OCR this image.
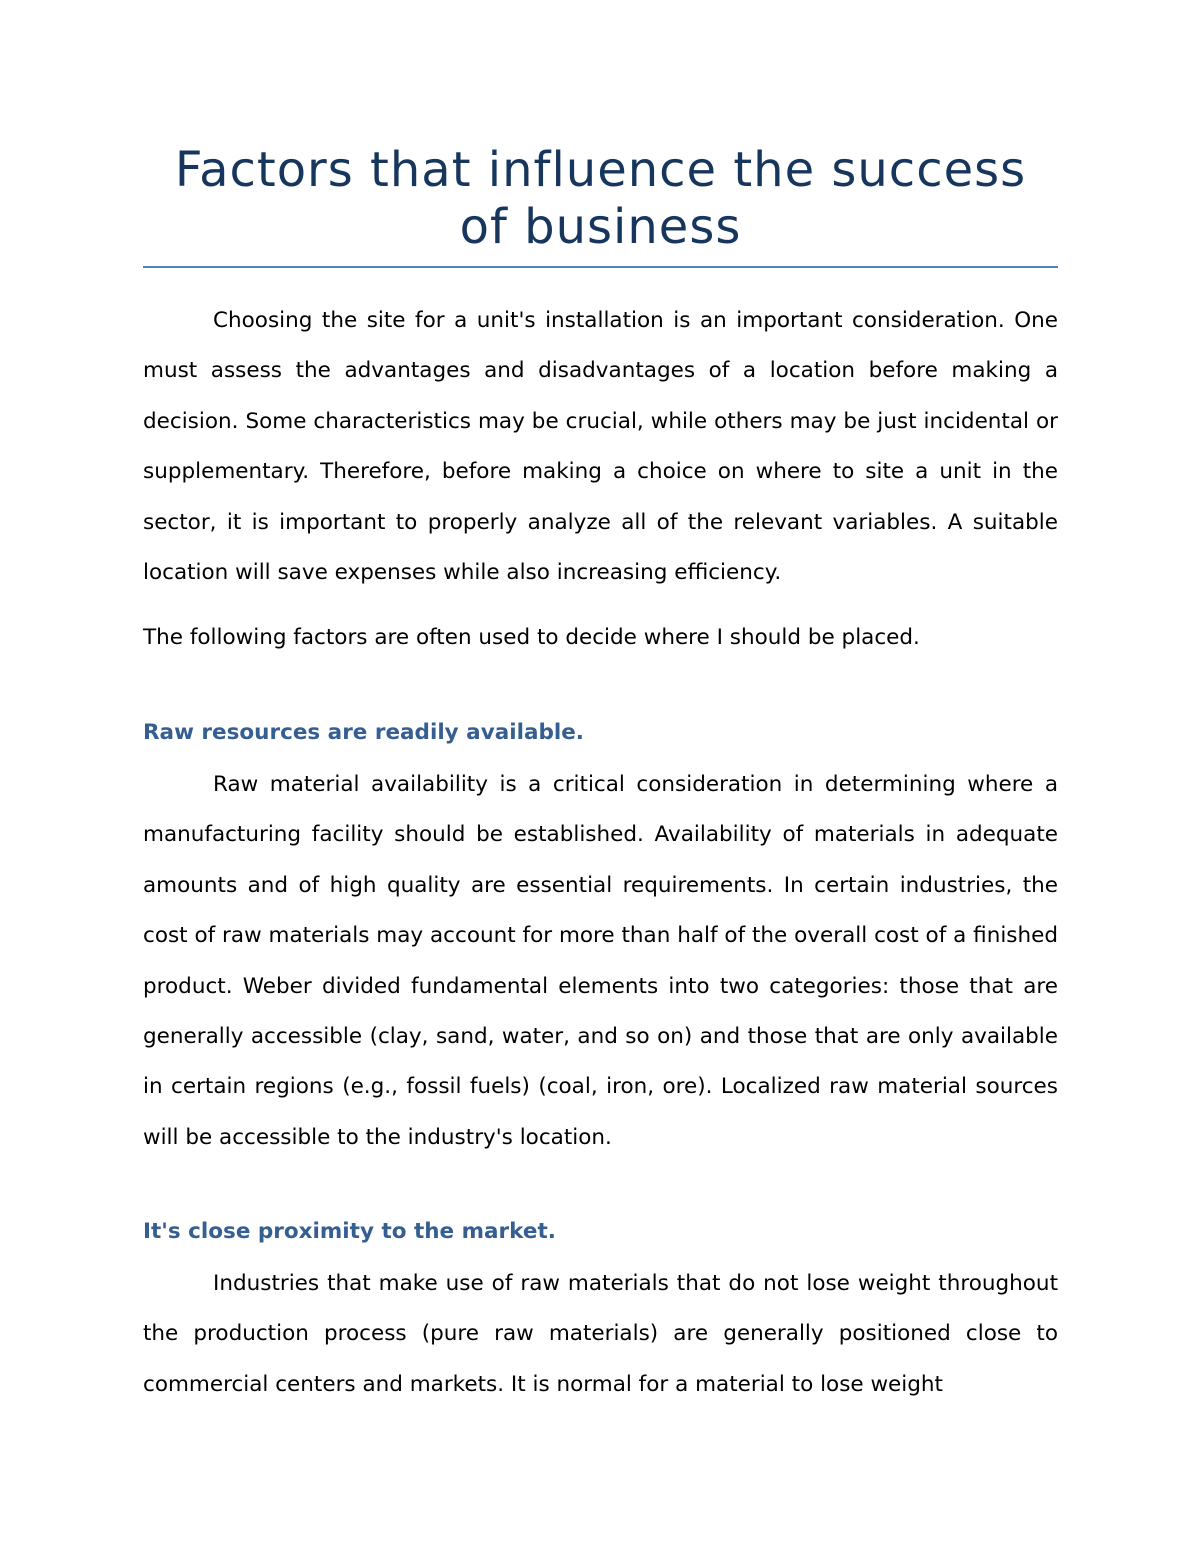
Factors that influence the success of business

Choosing the site for a unit's installation is an important consideration. One must assess the advantages and disadvantages of a location before making a decision. Some characteristics may be crucial, while others may be just incidental or supplementary. Therefore, before making a choice on where to site a unit in the sector, it is important to properly analyze all of the relevant variables. A suitable location will save expenses while also increasing efficiency.

The following factors are often used to decide where I should be placed.

Raw resources are readily available.

Raw material availability is a critical consideration in determining where a manufacturing facility should be established. Availability of materials in adequate amounts and of high quality are essential requirements. In certain industries, the cost of raw materials may account for more than half of the overall cost of a finished product. Weber divided fundamental elements into two categories: those that are generally accessible (clay, sand, water, and so on) and those that are only available in certain regions (e.g., fossil fuels) (coal, iron, ore). Localized raw material sources will be accessible to the industry's location.

It's close proximity to the market.

Industries that make use of raw materials that do not lose weight throughout the production process (pure raw materials) are generally positioned close to commercial centers and markets. It is normal for a material to lose weight
